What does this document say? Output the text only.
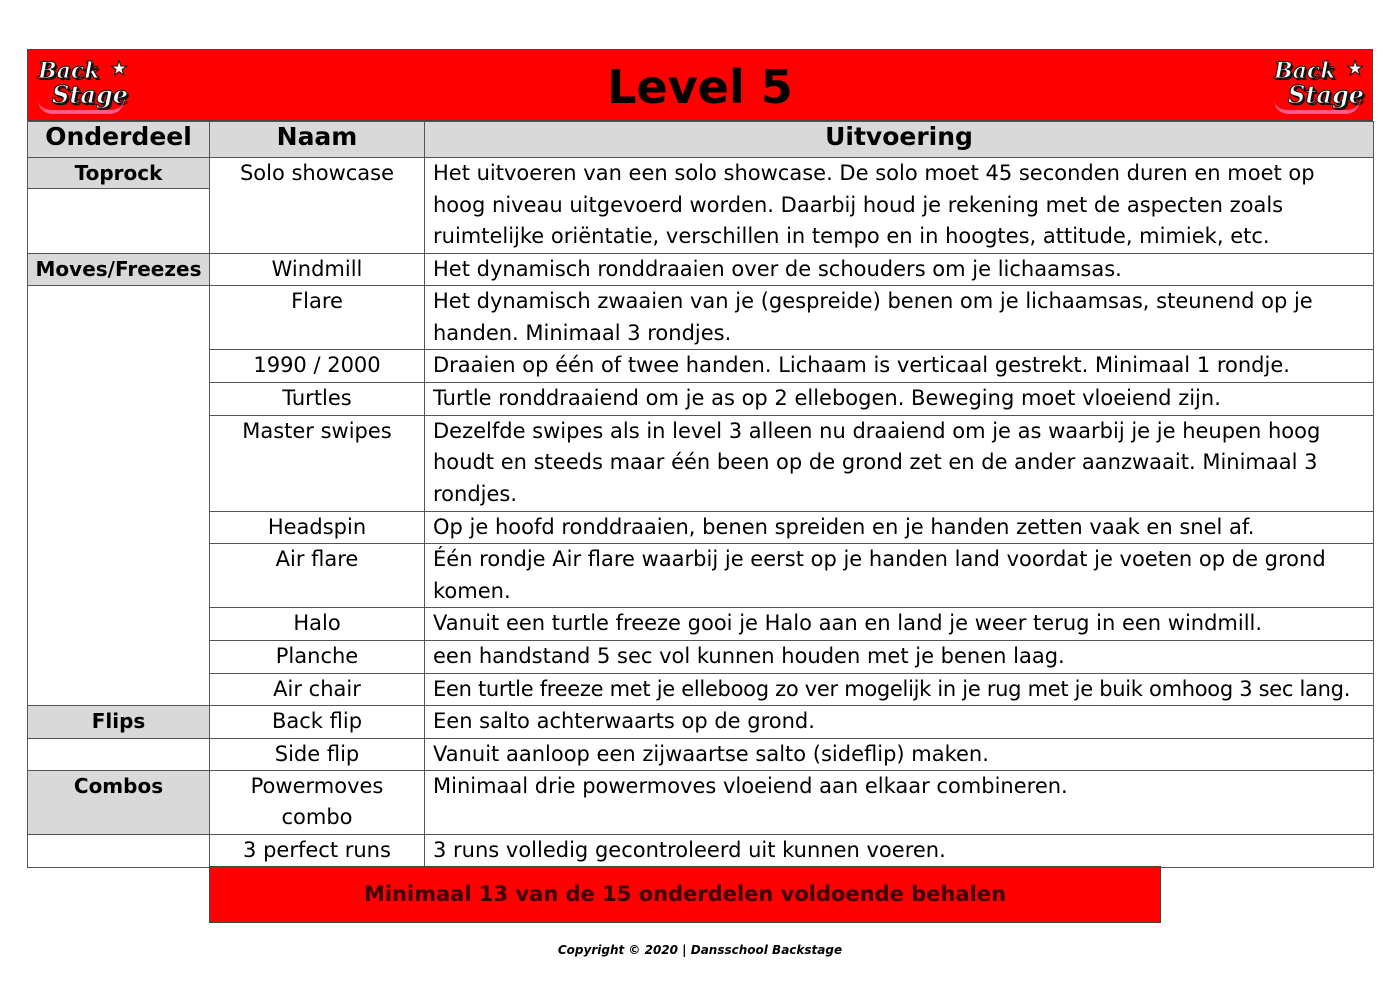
★
Back
Stage	Level 5	★
Back
Stage
Onderdeel	Naam	Uitvoering

Toprock	Solo showcase	Het uitvoeren van een solo showcase. De solo moet 45 seconden duren en moet op hoog niveau uitgevoerd worden. Daarbij houd je rekening met de aspecten zoals ruimtelijke oriëntatie, verschillen in tempo en in hoogtes, attitude, mimiek, etc.

Moves/Freezes	Windmill	Het dynamisch ronddraaien over de schouders om je lichaamsas.
	Flare	Het dynamisch zwaaien van je (gespreide) benen om je lichaamsas, steunend op je handen. Minimaal 3 rondjes.
	1990 / 2000	Draaien op één of twee handen. Lichaam is verticaal gestrekt. Minimaal 1 rondje.
	Turtles	Turtle ronddraaiend om je as op 2 ellebogen. Beweging moet vloeiend zijn.
	Master swipes	Dezelfde swipes als in level 3 alleen nu draaiend om je as waarbij je je heupen hoog houdt en steeds maar één been op de grond zet en de ander aanzwaait. Minimaal 3 rondjes.
	Headspin	Op je hoofd ronddraaien, benen spreiden en je handen zetten vaak en snel af.
	Air flare	Één rondje Air flare waarbij je eerst op je handen land voordat je voeten op de grond komen.
	Halo	Vanuit een turtle freeze gooi je Halo aan en land je weer terug in een windmill.
	Planche	een handstand 5 sec vol kunnen houden met je benen laag.
	Air chair	Een turtle freeze met je elleboog zo ver mogelijk in je rug met je buik omhoog 3 sec lang.

Flips	Back flip	Een salto achterwaarts op de grond.
	Side flip	Vanuit aanloop een zijwaartse salto (sideflip) maken.

Combos	Powermoves combo	Minimaal drie powermoves vloeiend aan elkaar combineren.
	3 perfect runs	3 runs volledig gecontroleerd uit kunnen voeren.
Minimaal 13 van de 15 onderdelen voldoende behalen
Copyright © 2020 | Dansschool Backstage
